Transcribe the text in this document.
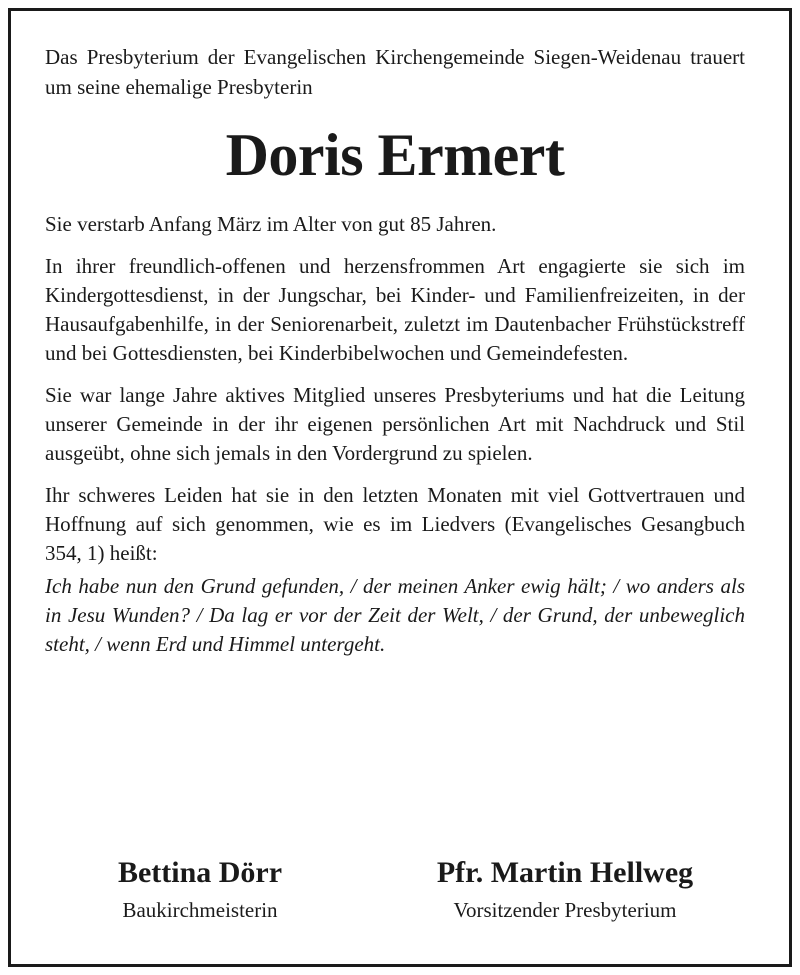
Das Presbyterium der Evangelischen Kirchengemeinde Siegen-Weidenau trauert um seine ehemalige Presbyterin

Doris Ermert

Sie verstarb Anfang März im Alter von gut 85 Jahren.

In ihrer freundlich-offenen und herzensfrommen Art engagierte sie sich im Kindergottesdienst, in der Jungschar, bei Kinder- und Familienfreizeiten, in der Hausaufgabenhilfe, in der Seniorenarbeit, zuletzt im Dautenbacher Frühstückstreff und bei Gottesdiensten, bei Kinderbibelwochen und Gemeindefesten.

Sie war lange Jahre aktives Mitglied unseres Presbyteriums und hat die Leitung unserer Gemeinde in der ihr eigenen persönlichen Art mit Nachdruck und Stil ausgeübt, ohne sich jemals in den Vordergrund zu spielen.

Ihr schweres Leiden hat sie in den letzten Monaten mit viel Gottvertrauen und Hoffnung auf sich genommen, wie es im Liedvers (Evangelisches Gesangbuch 354, 1) heißt:

Ich habe nun den Grund gefunden, / der meinen Anker ewig hält; / wo anders als in Jesu Wunden? / Da lag er vor der Zeit der Welt, / der Grund, der unbeweglich steht, / wenn Erd und Himmel untergeht.

Bettina Dörr
Baukirchmeisterin
Pfr. Martin Hellweg
Vorsitzender Presbyterium
